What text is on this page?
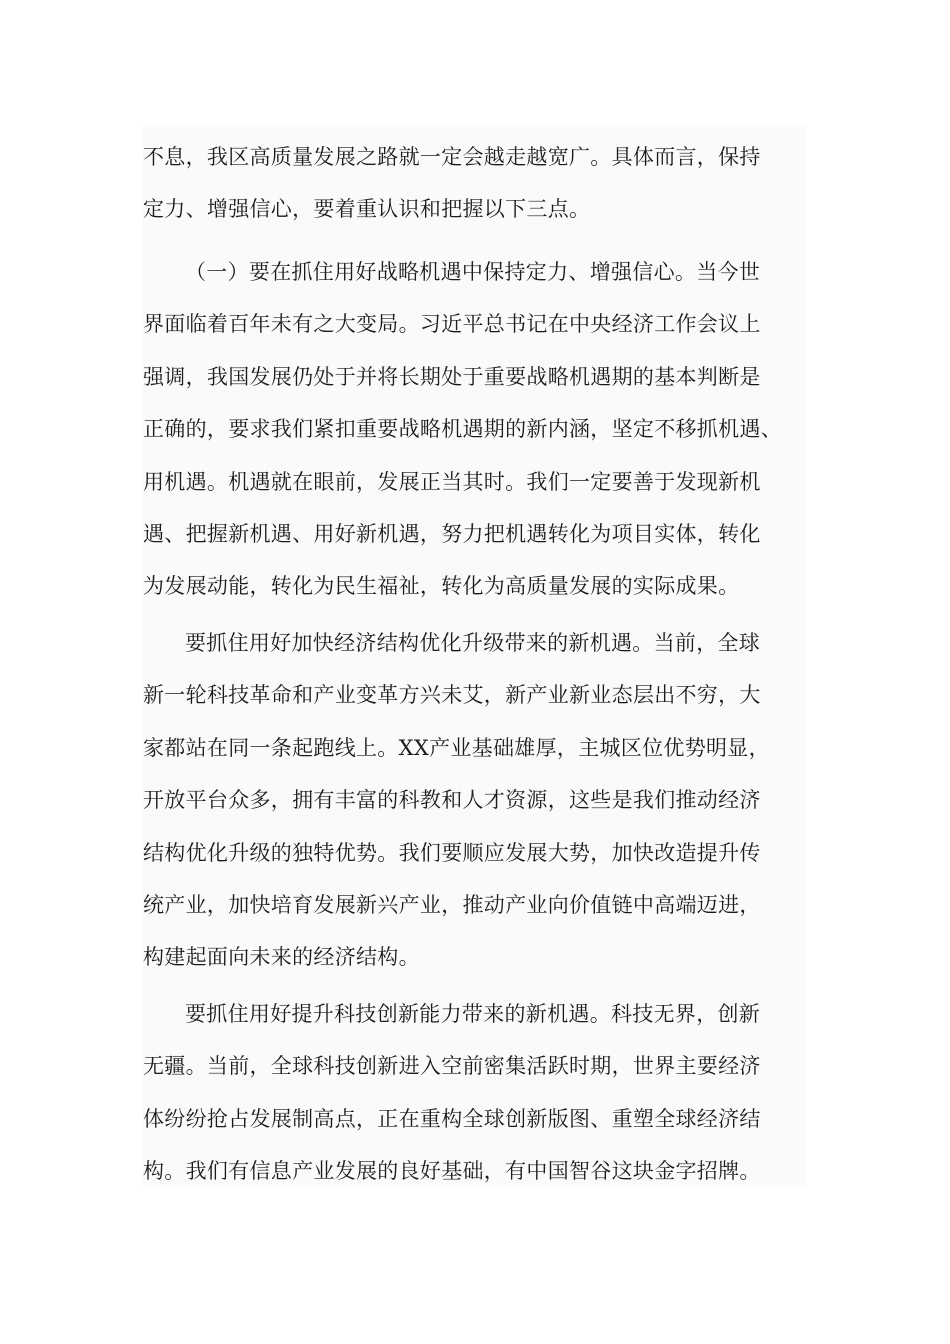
不息，我区高质量发展之路就一定会越走越宽广。具体而言，保持
定力、增强信心，要着重认识和把握以下三点。
（一）要在抓住用好战略机遇中保持定力、增强信心。当今世
界面临着百年未有之大变局。习近平总书记在中央经济工作会议上
强调，我国发展仍处于并将长期处于重要战略机遇期的基本判断是
正确的，要求我们紧扣重要战略机遇期的新内涵，坚定不移抓机遇、
用机遇。机遇就在眼前，发展正当其时。我们一定要善于发现新机
遇、把握新机遇、用好新机遇，努力把机遇转化为项目实体，转化
为发展动能，转化为民生福祉，转化为高质量发展的实际成果。
要抓住用好加快经济结构优化升级带来的新机遇。当前，全球
新一轮科技革命和产业变革方兴未艾，新产业新业态层出不穷，大
家都站在同一条起跑线上。XX产业基础雄厚，主城区位优势明显，
开放平台众多，拥有丰富的科教和人才资源，这些是我们推动经济
结构优化升级的独特优势。我们要顺应发展大势，加快改造提升传
统产业，加快培育发展新兴产业，推动产业向价值链中高端迈进，
构建起面向未来的经济结构。
要抓住用好提升科技创新能力带来的新机遇。科技无界，创新
无疆。当前，全球科技创新进入空前密集活跃时期，世界主要经济
体纷纷抢占发展制高点，正在重构全球创新版图、重塑全球经济结
构。我们有信息产业发展的良好基础，有中国智谷这块金字招牌。
